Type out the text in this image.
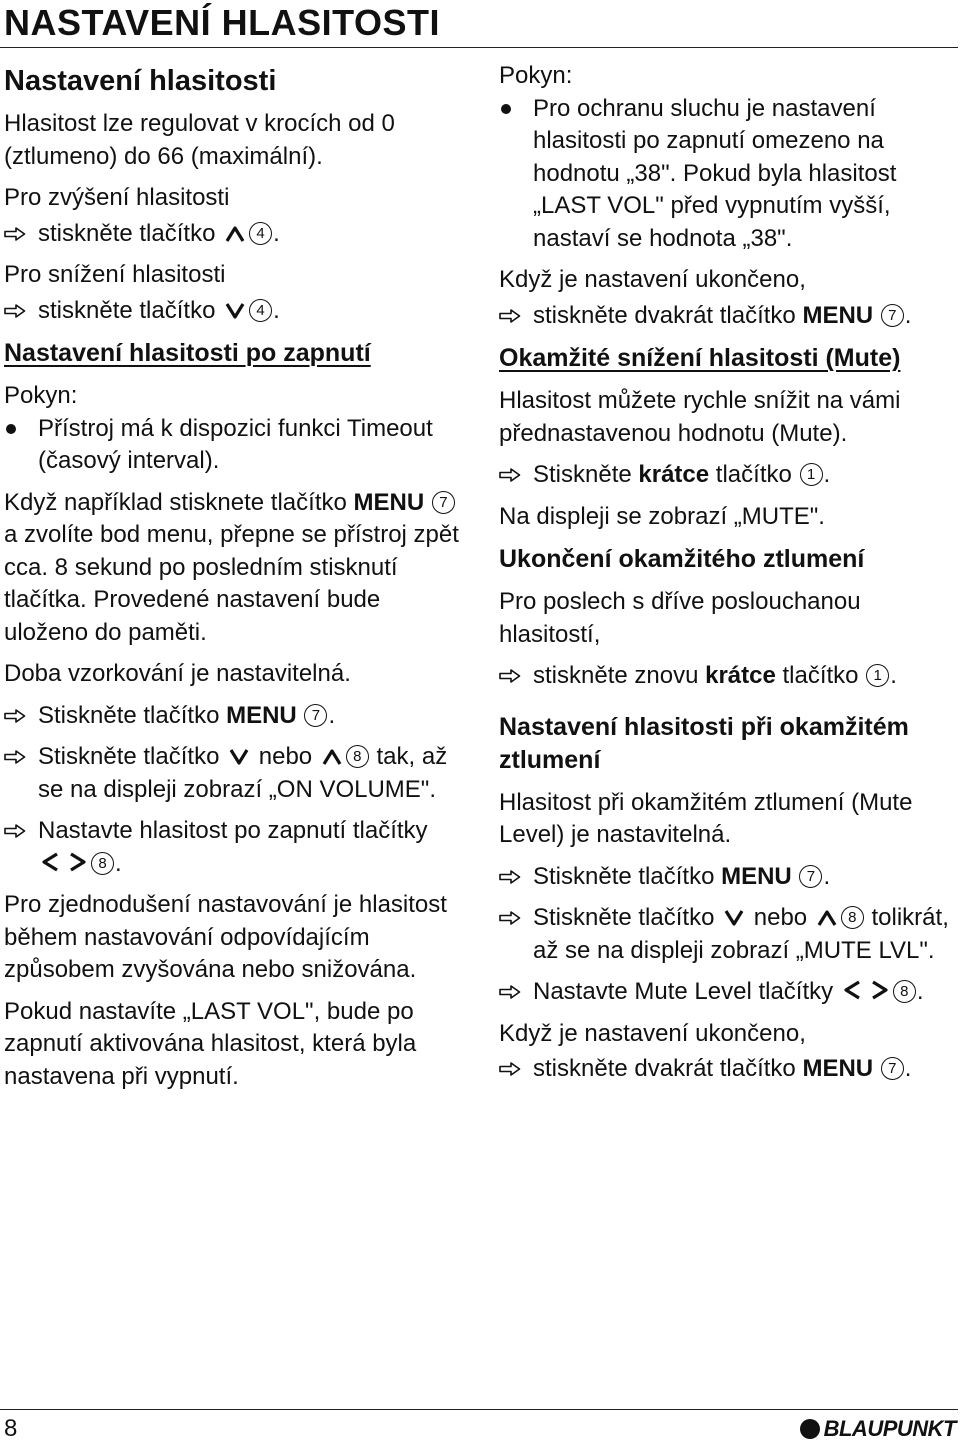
NASTAVENÍ HLASITOSTI
Nastavení hlasitosti

Hlasitost lze regulovat v krocích od 0 (ztlumeno) do 66 (maximální).

Pro zvýšení hlasitosti

stiskněte tlačítko	4 .

Pro snížení hlasitosti

stiskněte tlačítko	4 .
Nastavení hlasitosti po zapnutí

Pokyn:

Přístroj má k dispozici funkci Timeout (časový interval).

Když například stisknete tlačítko MENU 7 a zvolíte bod menu, přepne se přístroj zpět cca. 8 sekund po posledním stisknutí tlačítka. Provedené nastavení bude uloženo do paměti.

Doba vzorkování je nastavitelná.

Stiskněte tlačítko MENU 7 .
Stiskněte tlačítko nebo	8 tak, až se na displeji zobrazí „ON VOLUME".
Nastavte hlasitost po zapnutí tlačítky
8 .

Pro zjednodušení nastavování je hlasitost během nastavování odpovídajícím způsobem zvyšována nebo snižována.

Pokud nastavíte „LAST VOL", bude po zapnutí aktivována hlasitost, která byla nastavena při vypnutí.

Pokyn:

Pro ochranu sluchu je nastavení hlasitosti po zapnutí omezeno na hodnotu „38". Pokud byla hlasitost „LAST VOL" před vypnutím vyšší, nastaví se hodnota „38".

Když je nastavení ukončeno,

stiskněte dvakrát tlačítko MENU 7 .
Okamžité snížení hlasitosti (Mute)

Hlasitost můžete rychle snížit na vámi přednastavenou hodnotu (Mute).

Stiskněte krátce tlačítko 1 .

Na displeji se zobrazí „MUTE".

Ukončení okamžitého ztlumení

Pro poslech s dříve poslouchanou hlasitostí,

stiskněte znovu krátce tlačítko 1 .
Nastavení hlasitosti při okamžitém ztlumení

Hlasitost při okamžitém ztlumení (Mute Level) je nastavitelná.

Stiskněte tlačítko MENU 7 .
Stiskněte tlačítko nebo	8 tolikrát, až se na displeji zobrazí „MUTE LVL".
Nastavte Mute Level tlačítky	8 .

Když je nastavení ukončeno,

stiskněte dvakrát tlačítko MENU 7 .

8	BLAUPUNKT
